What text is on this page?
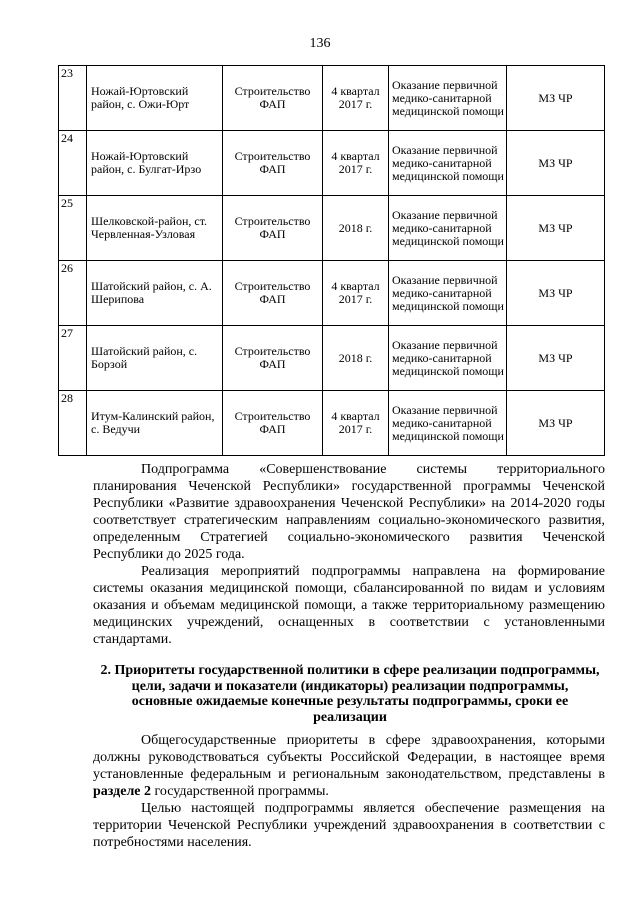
136
23	Ножай-Юртовский район, с. Ожи-Юрт	Строительство ФАП	4 квартал 2017 г.	Оказание первичной медико-санитарной медицинской помощи	МЗ ЧР
24	Ножай-Юртовский район, с. Булгат-Ирзо	Строительство ФАП	4 квартал 2017 г.	Оказание первичной медико-санитарной медицинской помощи	МЗ ЧР
25	Шелковской-район, ст. Червленная-Узловая	Строительство ФАП	2018 г.	Оказание первичной медико-санитарной медицинской помощи	МЗ ЧР
26	Шатойский район, с. А. Шерипова	Строительство ФАП	4 квартал 2017 г.	Оказание первичной медико-санитарной медицинской помощи	МЗ ЧР
27	Шатойский район, с. Борзой	Строительство ФАП	2018 г.	Оказание первичной медико-санитарной медицинской помощи	МЗ ЧР
28	Итум-Калинский район, с. Ведучи	Строительство ФАП	4 квартал 2017 г.	Оказание первичной медико-санитарной медицинской помощи	МЗ ЧР

Подпрограмма «Совершенствование системы территориального планирования Чеченской Республики» государственной программы Чеченской Республики «Развитие здравоохранения Чеченской Республики» на 2014-2020 годы соответствует стратегическим направлениям социально-экономического развития, определенным Стратегией социально-экономического развития Чеченской Республики до 2025 года.

Реализация мероприятий подпрограммы направлена на формирование системы оказания медицинской помощи, сбалансированной по видам и условиям оказания и объемам медицинской помощи, а также территориальному размещению медицинских учреждений, оснащенных в соответствии с установленными стандартами.

2. Приоритеты государственной политики в сфере реализации подпрограммы, цели, задачи и показатели (индикаторы) реализации подпрограммы, основные ожидаемые конечные результаты подпрограммы, сроки ее реализации

Общегосударственные приоритеты в сфере здравоохранения, которыми должны руководствоваться субъекты Российской Федерации, в настоящее время установленные федеральным и региональным законодательством, представлены в разделе 2 государственной программы.

Целью настоящей подпрограммы является обеспечение размещения на территории Чеченской Республики учреждений здравоохранения в соответствии с потребностями населения.
